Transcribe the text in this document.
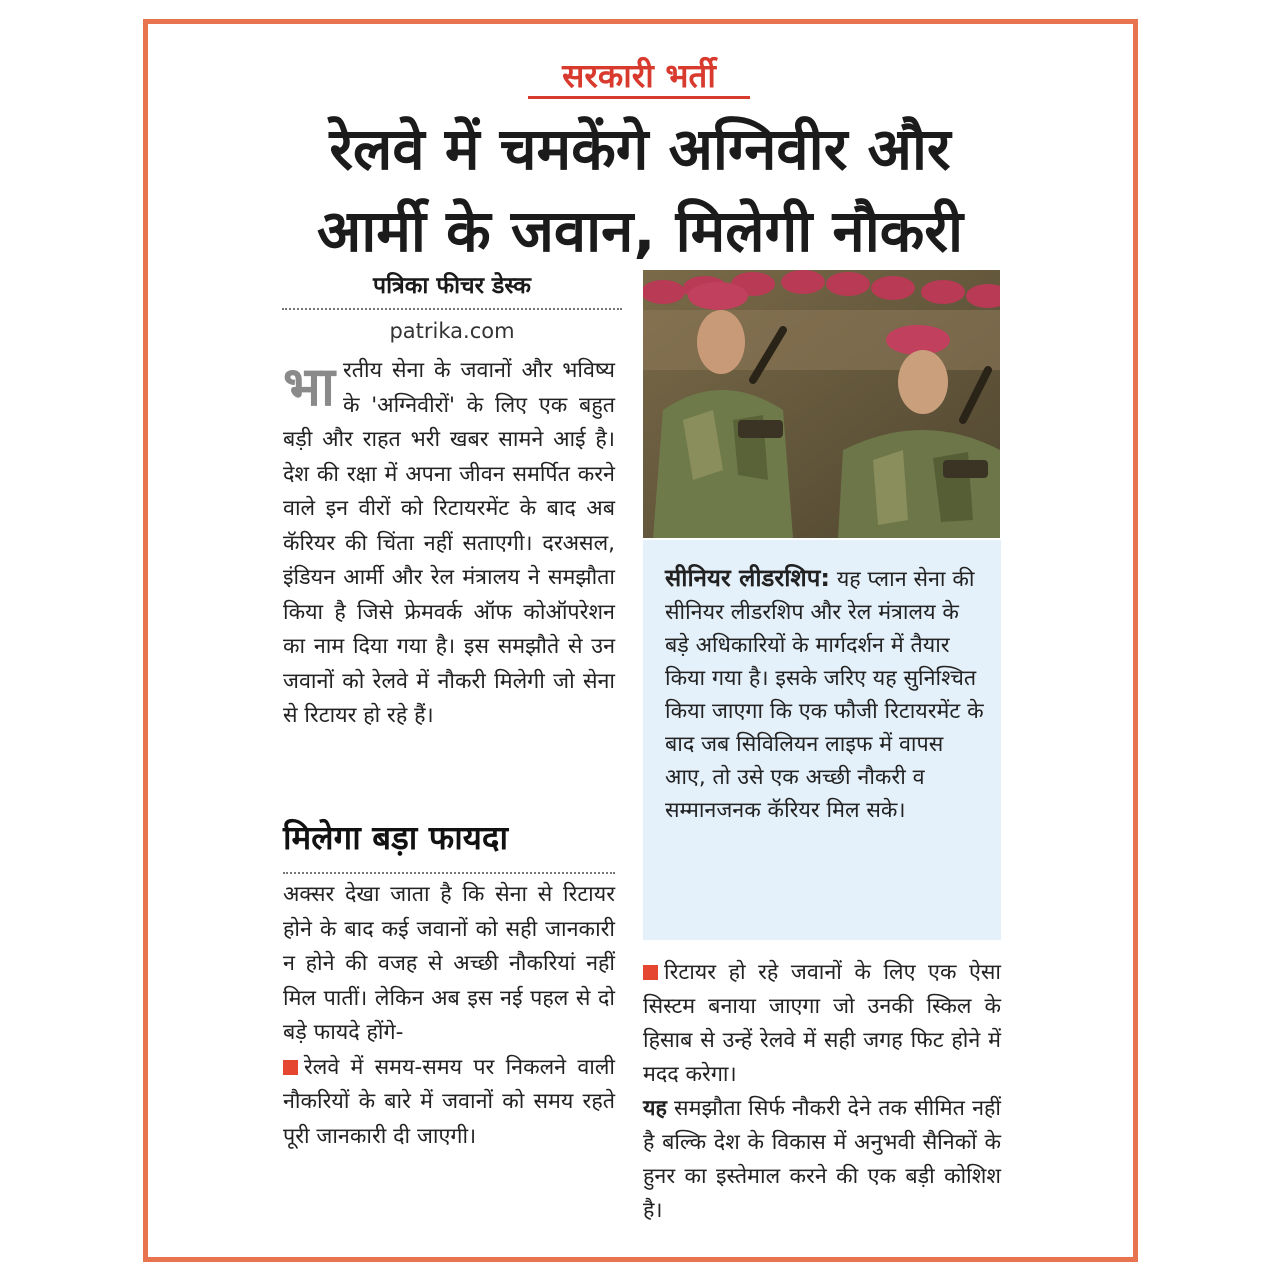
सरकारी भर्ती
रेलवे में चमकेंगे अग्निवीर और
आर्मी के जवान, मिलेगी नौकरी
पत्रिका फीचर डेस्क
patrika.com

भारतीय सेना के जवानों और भविष्य के 'अग्निवीरों' के लिए एक बहुत बड़ी और राहत भरी खबर सामने आई है। देश की रक्षा में अपना जीवन समर्पित करने वाले इन वीरों को रिटायरमेंट के बाद अब कॅरियर की चिंता नहीं सताएगी। दरअसल, इंडियन आर्मी और रेल मंत्रालय ने समझौता किया है जिसे फ्रेमवर्क ऑफ कोऑपरेशन का नाम दिया गया है। इस समझौते से उन जवानों को रेलवे में नौकरी मिलेगी जो सेना से रिटायर हो रहे हैं।

मिलेगा बड़ा फायदा

अक्सर देखा जाता है कि सेना से रिटायर होने के बाद कई जवानों को सही जानकारी न होने की वजह से अच्छी नौकरियां नहीं मिल पातीं। लेकिन अब इस नई पहल से दो बड़े फायदे होंगे-

रेलवे में समय-समय पर निकलने वाली नौकरियों के बारे में जवानों को समय रहते पूरी जानकारी दी जाएगी।

सीनियर लीडरशिप: यह प्लान सेना की सीनियर लीडरशिप और रेल मंत्रालय के बड़े अधिकारियों के मार्गदर्शन में तैयार किया गया है। इसके जरिए यह सुनिश्चित किया जाएगा कि एक फौजी रिटायरमेंट के बाद जब सिविलियन लाइफ में वापस आए, तो उसे एक अच्छी नौकरी व सम्मानजनक कॅरियर मिल सके।

रिटायर हो रहे जवानों के लिए एक ऐसा सिस्टम बनाया जाएगा जो उनकी स्किल के हिसाब से उन्हें रेलवे में सही जगह फिट होने में मदद करेगा।

यह समझौता सिर्फ नौकरी देने तक सीमित नहीं है बल्कि देश के विकास में अनुभवी सैनिकों के हुनर का इस्तेमाल करने की एक बड़ी कोशिश है।
